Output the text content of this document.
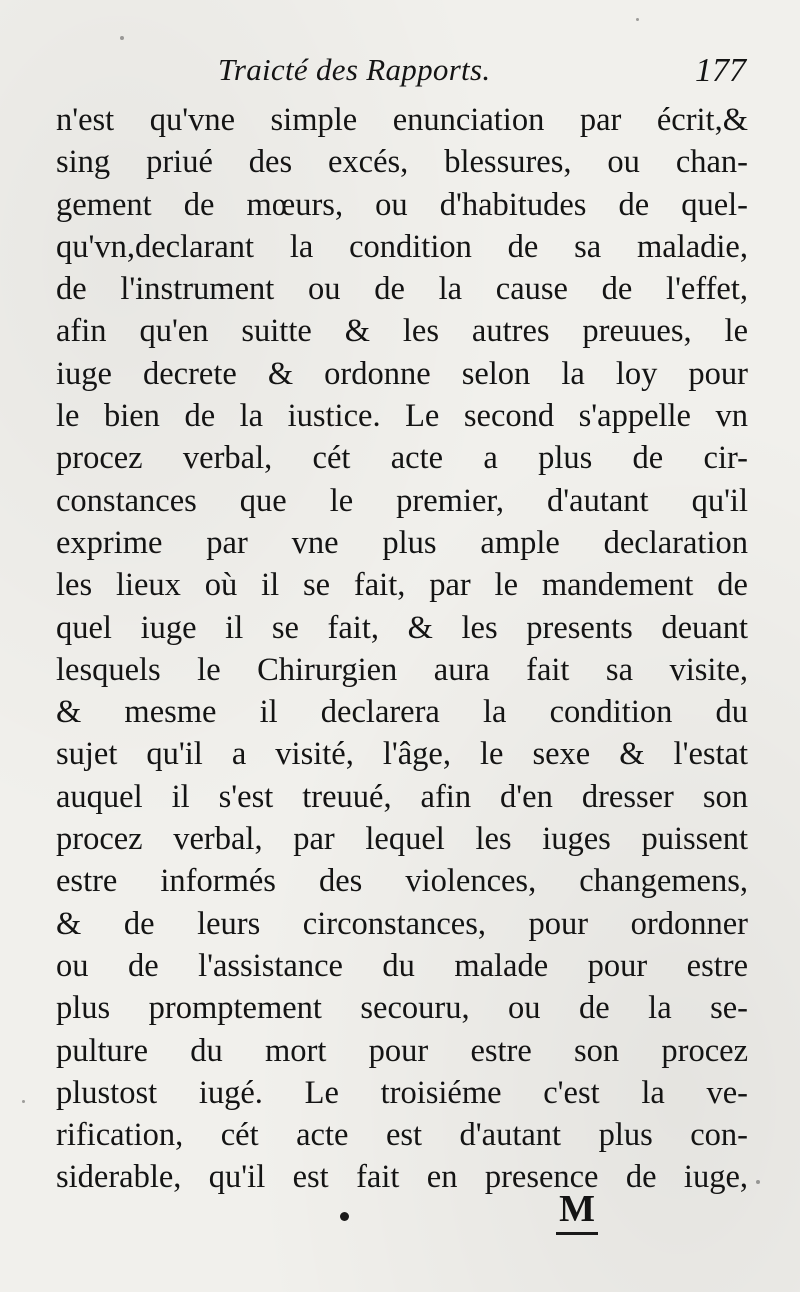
Traicté des Rapports.	177
n'est qu'vne simple enunciation par écrit,&
sing priué des excés, blessures, ou chan-
gement de mœurs, ou d'habitudes de quel-
qu'vn,declarant la condition de sa maladie,
de l'instrument ou de la cause de l'effet,
afin qu'en suitte & les autres preuues, le
iuge decrete & ordonne selon la loy pour
le bien de la iustice. Le second s'appelle vn
procez verbal, cét acte a plus de cir-
constances que le premier, d'autant qu'il
exprime par vne plus ample declaration
les lieux où il se fait, par le mandement de
quel iuge il se fait, & les presents deuant
lesquels le Chirurgien aura fait sa visite,
& mesme il declarera la condition du
sujet qu'il a visité, l'âge, le sexe & l'estat
auquel il s'est treuué, afin d'en dresser son
procez verbal, par lequel les iuges puissent
estre informés des violences, changemens,
& de leurs circonstances, pour ordonner
ou de l'assistance du malade pour estre
plus promptement secouru, ou de la se-
pulture du mort pour estre son procez
plustost iugé. Le troisiéme c'est la ve-
rification, cét acte est d'autant plus con-
siderable, qu'il est fait en presence de iuge,
M
